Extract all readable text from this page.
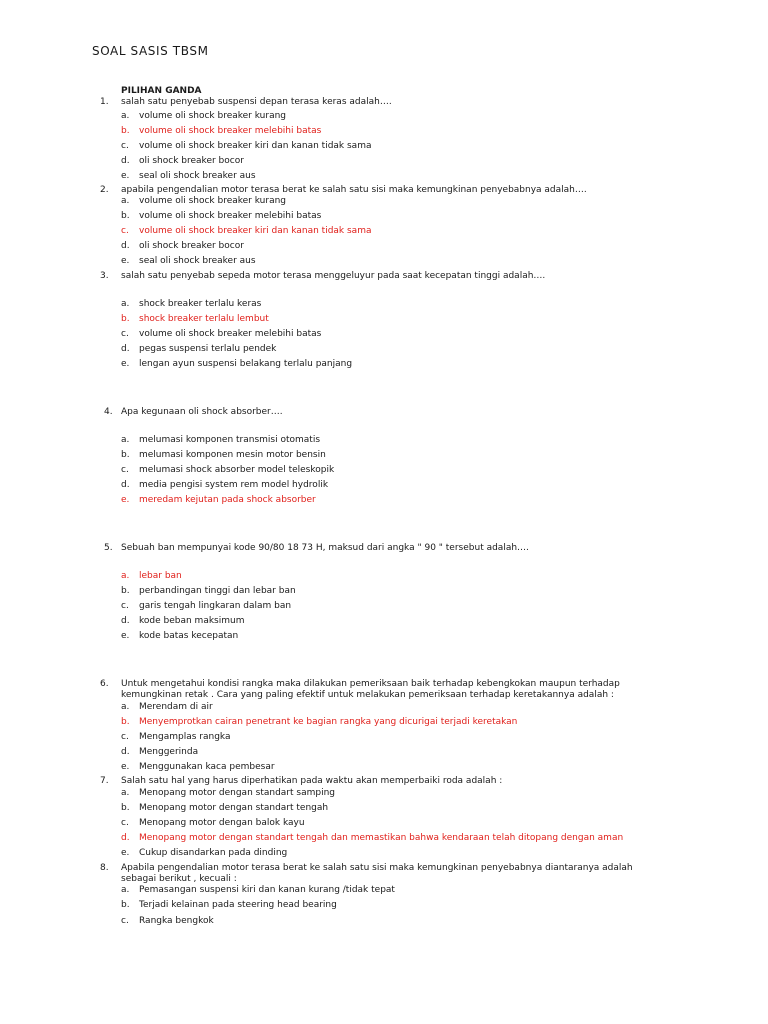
SOAL SASIS TBSM
PILIHAN GANDA
1.	salah satu penyebab suspensi depan terasa keras adalah….
a.	volume oli shock breaker kurang
b.	volume oli shock breaker melebihi batas
c.	volume oli shock breaker kiri dan kanan tidak sama
d.	oli shock breaker bocor
e.	seal oli shock breaker aus
2.	apabila pengendalian motor terasa berat ke salah satu sisi maka kemungkinan penyebabnya adalah….
a.	volume oli shock breaker kurang
b.	volume oli shock breaker melebihi batas
c.	volume oli shock breaker kiri dan kanan tidak sama
d.	oli shock breaker bocor
e.	seal oli shock breaker aus
3.	salah satu penyebab sepeda motor terasa menggeluyur pada saat kecepatan tinggi adalah….
a.	shock breaker terlalu keras
b.	shock breaker terlalu lembut
c.	volume oli shock breaker melebihi batas
d.	pegas suspensi terlalu pendek
e.	lengan ayun suspensi belakang terlalu panjang
4. Apa kegunaan oli shock absorber….
a.	melumasi komponen transmisi otomatis
b.	melumasi komponen mesin motor bensin
c.	melumasi shock absorber model teleskopik
d.	media pengisi system rem model hydrolik
e.	meredam kejutan pada shock absorber
5. Sebuah ban mempunyai kode 90/80 18 73 H, maksud dari angka " 90 " tersebut adalah….
a.	lebar ban
b.	perbandingan tinggi dan lebar ban
c.	garis tengah lingkaran dalam ban
d.	kode beban maksimum
e.	kode batas kecepatan
6.	Untuk mengetahui kondisi rangka maka dilakukan pemeriksaan baik terhadap kebengkokan maupun terhadap
kemungkinan retak . Cara yang paling efektif untuk melakukan pemeriksaan terhadap keretakannya adalah :
a.	Merendam di air
b.	Menyemprotkan cairan penetrant ke bagian rangka yang dicurigai terjadi keretakan
c.	Mengamplas rangka
d.	Menggerinda
e.	Menggunakan kaca pembesar
7.	Salah satu hal yang harus diperhatikan pada waktu akan memperbaiki roda adalah :
a.	Menopang motor dengan standart samping
b.	Menopang motor dengan standart tengah
c.	Menopang motor dengan balok kayu
d.	Menopang motor dengan standart tengah dan memastikan bahwa kendaraan telah ditopang dengan aman
e.	Cukup disandarkan pada dinding
8.	Apabila pengendalian motor terasa berat ke salah satu sisi maka kemungkinan penyebabnya diantaranya adalah
sebagai berikut , kecuali :
a.	Pemasangan suspensi kiri dan kanan kurang /tidak tepat
b.	Terjadi kelainan pada steering head bearing
c.	Rangka bengkok
